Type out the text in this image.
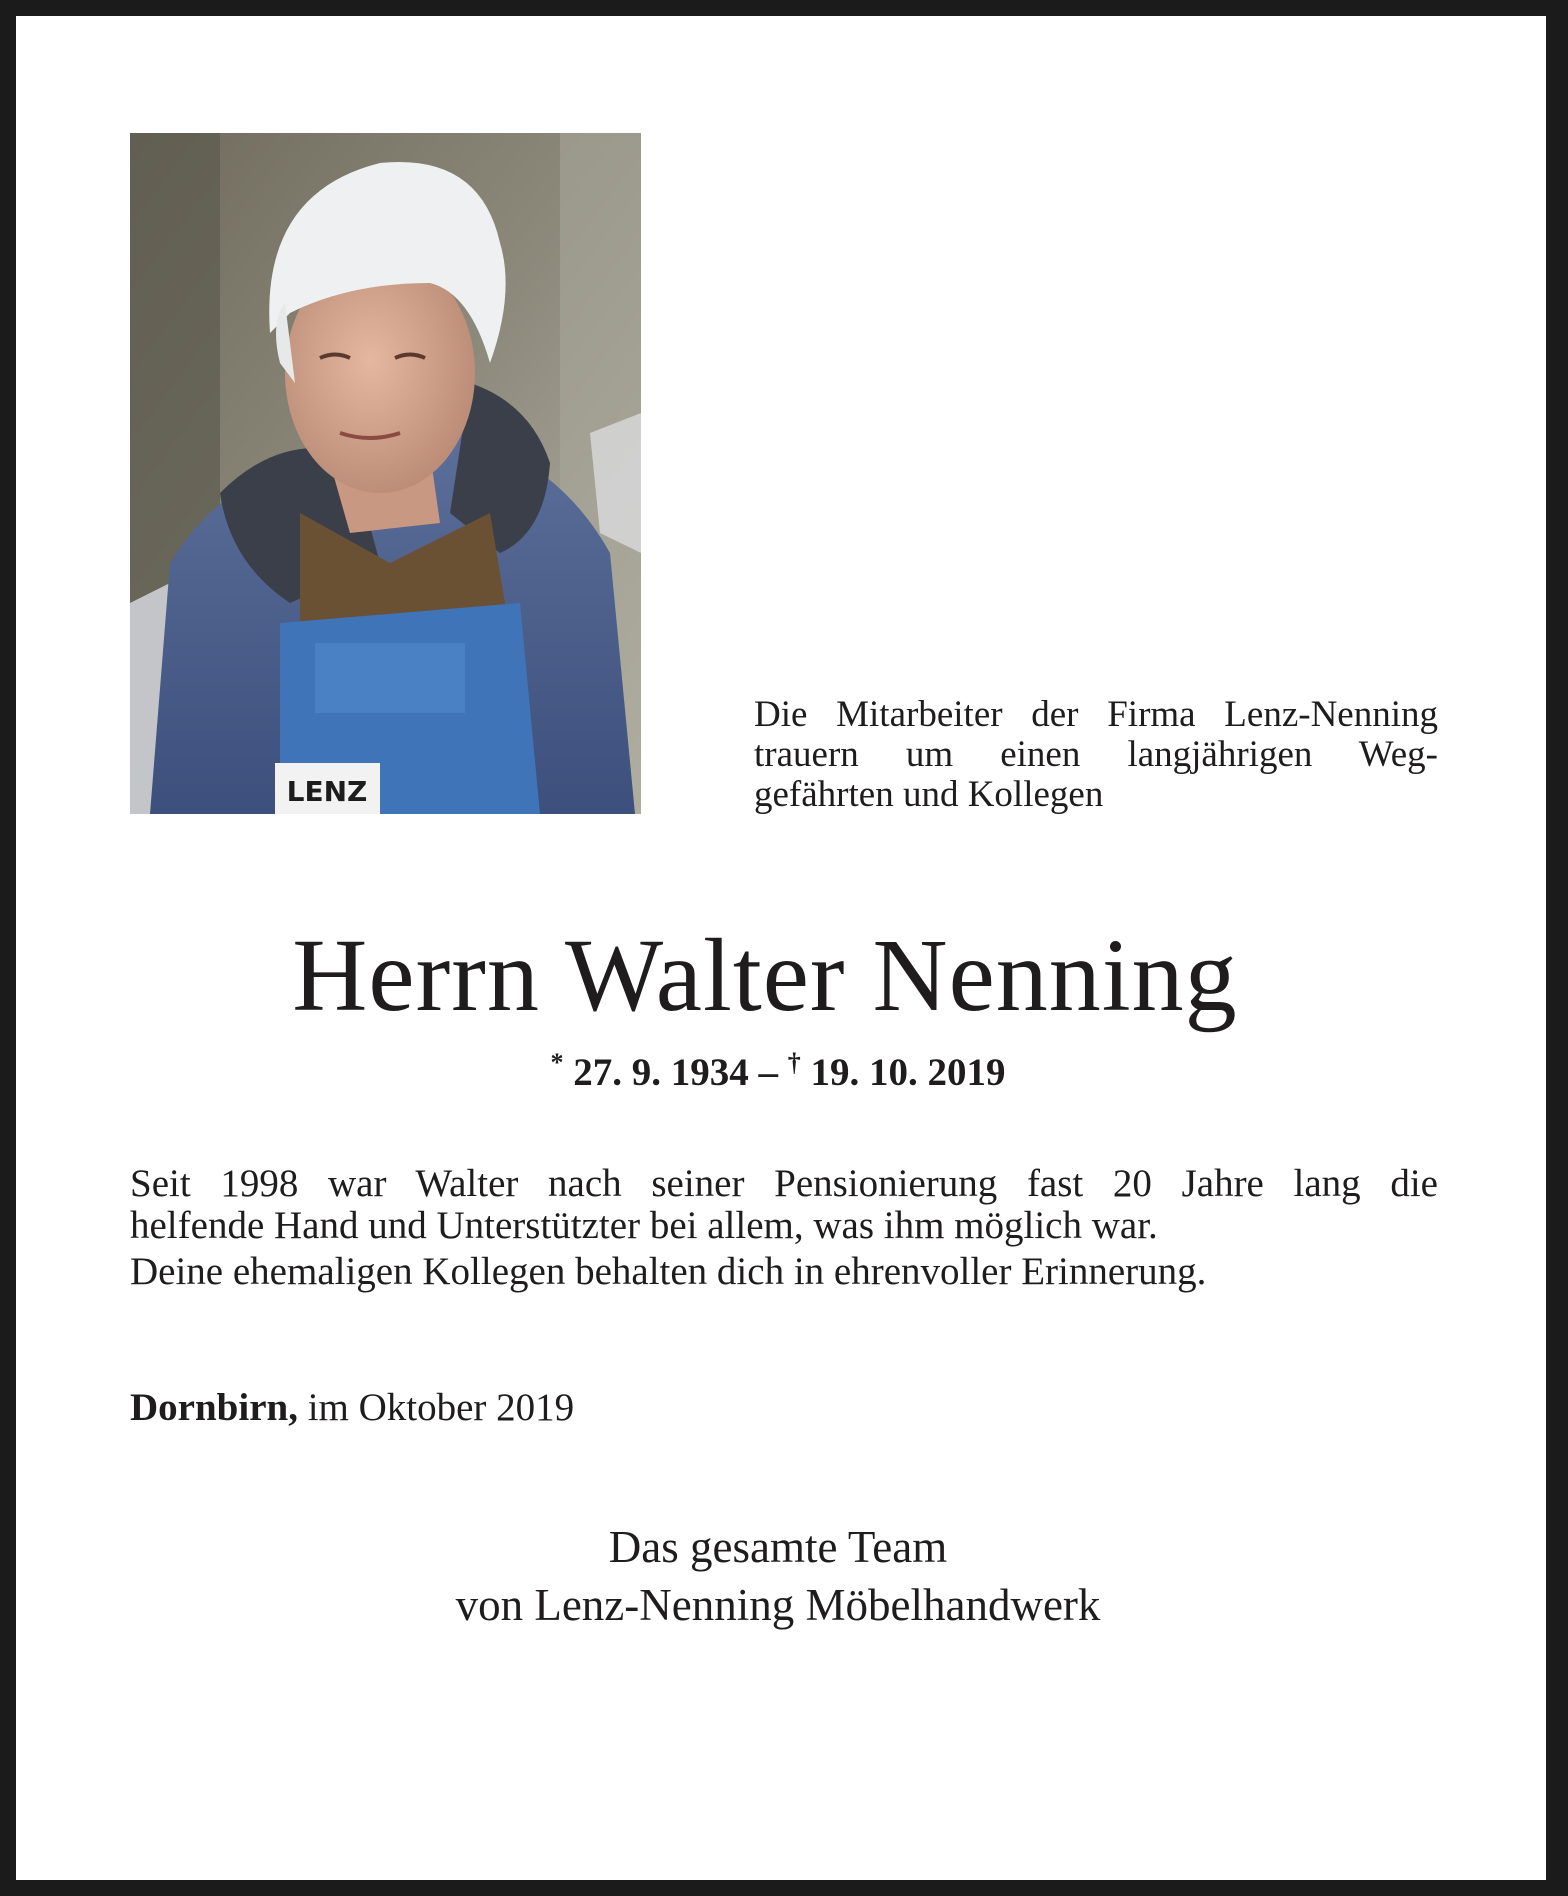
LENZ

Die Mitarbeiter der Firma Lenz-Nenning
trauern um einen langjährigen Weg-
gefährten und Kollegen

Herrn Walter Nenning

* 27. 9. 1934 – † 19. 10. 2019

Seit 1998 war Walter nach seiner Pensionierung fast 20 Jahre lang die
helfende Hand und Unterstützter bei allem, was ihm möglich war.
Deine ehemaligen Kollegen behalten dich in ehrenvoller Erinnerung.

Dornbirn, im Oktober 2019

Das gesamte Team
von Lenz-Nenning Möbelhandwerk
